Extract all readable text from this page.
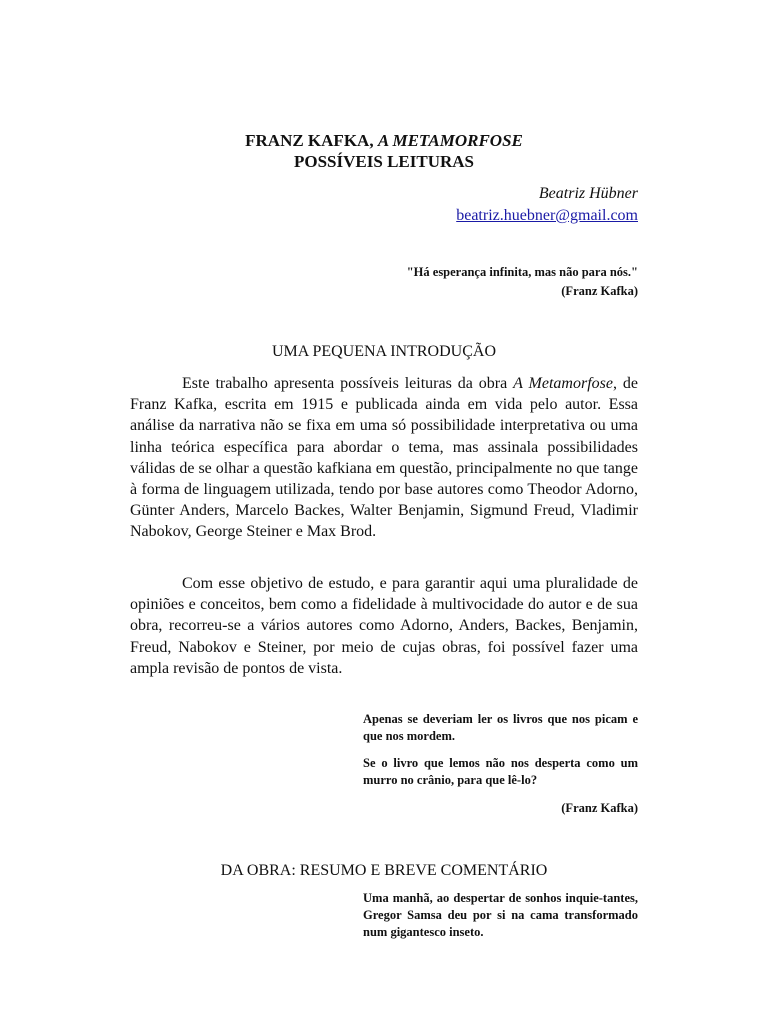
FRANZ KAFKA, A METAMORFOSE
POSSÍVEIS LEITURAS
Beatriz Hübner
beatriz.huebner@gmail.com
"Há esperança infinita, mas não para nós."
(Franz Kafka)
UMA PEQUENA INTRODUÇÃO

Este trabalho apresenta possíveis leituras da obra A Metamorfose, de Franz Kafka, escrita em 1915 e publicada ainda em vida pelo autor. Essa análise da narrativa não se fixa em uma só possibilidade interpretativa ou uma linha teórica específica para abordar o tema, mas assinala possibilidades válidas de se olhar a questão kafkiana em questão, principalmente no que tange à forma de linguagem utilizada, tendo por base autores como Theodor Adorno, Günter Anders, Marcelo Backes, Walter Benjamin, Sigmund Freud, Vladimir Nabokov, George Steiner e Max Brod.

Com esse objetivo de estudo, e para garantir aqui uma pluralidade de opiniões e conceitos, bem como a fidelidade à multivocidade do autor e de sua obra, recorreu-se a vários autores como Adorno, Anders, Backes, Benjamin, Freud, Nabokov e Steiner, por meio de cujas obras, foi possível fazer uma ampla revisão de pontos de vista.

Apenas se deveriam ler os livros que nos picam e que nos mordem.

Se o livro que lemos não nos desperta como um murro no crânio, para que lê-lo?

(Franz Kafka)

DA OBRA: RESUMO E BREVE COMENTÁRIO

Uma manhã, ao despertar de sonhos inquie-tantes, Gregor Samsa deu por si na cama transformado num gigantesco inseto.
